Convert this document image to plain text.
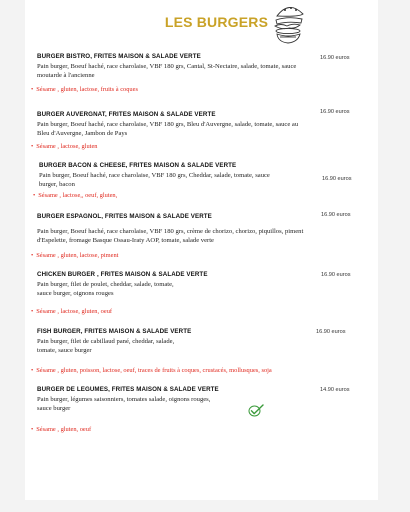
LES BURGERS
BURGER BISTRO, FRITES MAISON & SALADE VERTE
Pain burger, Boeuf haché, race charolaise, VBF 180 grs, Cantal, St-Nectaire, salade, tomate, sauce moutarde à l'ancienne
16.90 euros
• Sésame , gluten, lactose, fruits à coques
BURGER AUVERGNAT, FRITES MAISON & SALADE VERTE
Pain burger, Boeuf haché, race charolaise, VBF 180 grs, Bleu d'Auvergne, salade, tomate, sauce au Bleu d'Auvergne, Jambon de Pays
16.90 euros
• Sésame , lactose, gluten
BURGER BACON & CHEESE, FRITES MAISON & SALADE VERTE
Pain burger, Boeuf haché, race charolaise, VBF 180 grs, Cheddar, salade, tomate, sauce burger, bacon
16.90 euros
• Sésame , lactose,, oeuf, gluten,
BURGER ESPAGNOL, FRITES MAISON & SALADE VERTE
Pain burger, Boeuf haché, race charolaise, VBF 180 grs, crème de chorizo, chorizo, piquillos, piment d'Espelette, fromage Basque Ossau-Iraty AOP, tomate, salade verte
16.90 euros
• Sésame , gluten, lactose, piment
CHICKEN BURGER , FRITES MAISON & SALADE VERTE
Pain burger, filet de poulet, cheddar, salade, tomate, sauce burger, oignons rouges
16.90 euros
• Sésame , lactose, gluten, oeuf
FISH BURGER, FRITES MAISON & SALADE VERTE
Pain burger, filet de cabillaud pané, cheddar, salade, tomate, sauce burger
16.90 euros
• Sésame , gluten, poisson, lactose, oeuf, traces de fruits à coques, crustacés, mollusques, soja
BURGER DE LEGUMES, FRITES MAISON & SALADE VERTE
Pain burger, légumes saisonniers, tomates salade, oignons rouges, sauce burger
14.90 euros
• Sésame , gluten, oeuf
